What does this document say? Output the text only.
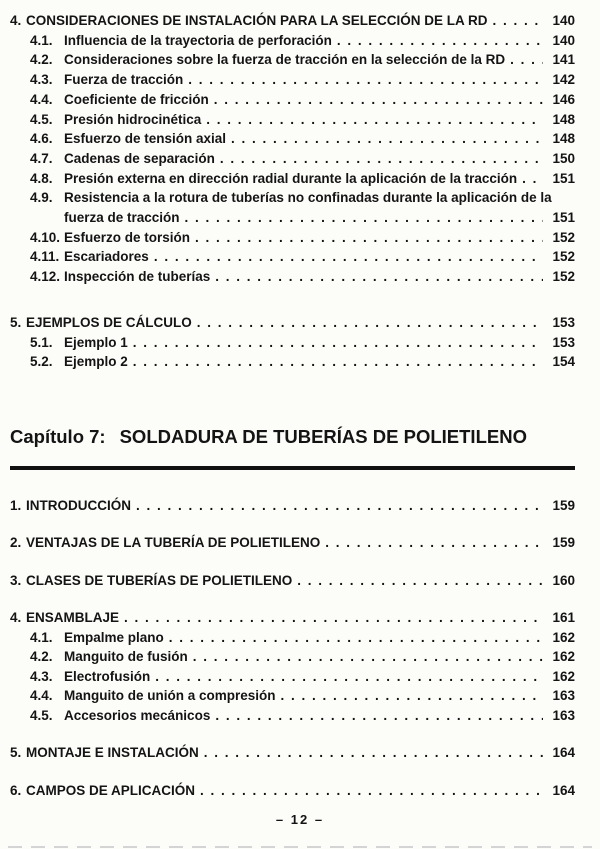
4. CONSIDERACIONES DE INSTALACIÓN PARA LA SELECCIÓN DE LA RD . . .	140
4.1. Influencia de la trayectoria de perforación . . .	140
4.2. Consideraciones sobre la fuerza de tracción en la selección de la RD . . .	141
4.3. Fuerza de tracción . . .	142
4.4. Coeficiente de fricción . . .	146
4.5. Presión hidrocinética . . .	148
4.6. Esfuerzo de tensión axial . . .	148
4.7. Cadenas de separación . . .	150
4.8. Presión externa en dirección radial durante la aplicación de la tracción . . .	151
4.9. Resistencia a la rotura de tuberías no confinadas durante la aplicación de la
fuerza de tracción . . .	151
4.10. Esfuerzo de torsión . . .	152
4.11. Escariadores . . .	152
4.12. Inspección de tuberías . . .	152
5. EJEMPLOS DE CÁLCULO . . .	153
5.1. Ejemplo 1 . . .	153
5.2. Ejemplo 2 . . .	154
Capítulo 7: SOLDADURA DE TUBERÍAS DE POLIETILENO
1. INTRODUCCIÓN . . .	159
2. VENTAJAS DE LA TUBERÍA DE POLIETILENO . . .	159
3. CLASES DE TUBERÍAS DE POLIETILENO . . .	160
4. ENSAMBLAJE . . .	161
4.1. Empalme plano . . .	162
4.2. Manguito de fusión . . .	162
4.3. Electrofusión . . .	162
4.4. Manguito de unión a compresión . . .	163
4.5. Accesorios mecánicos . . .	163
5. MONTAJE E INSTALACIÓN . . .	164
6. CAMPOS DE APLICACIÓN . . .	164
– 12 –
